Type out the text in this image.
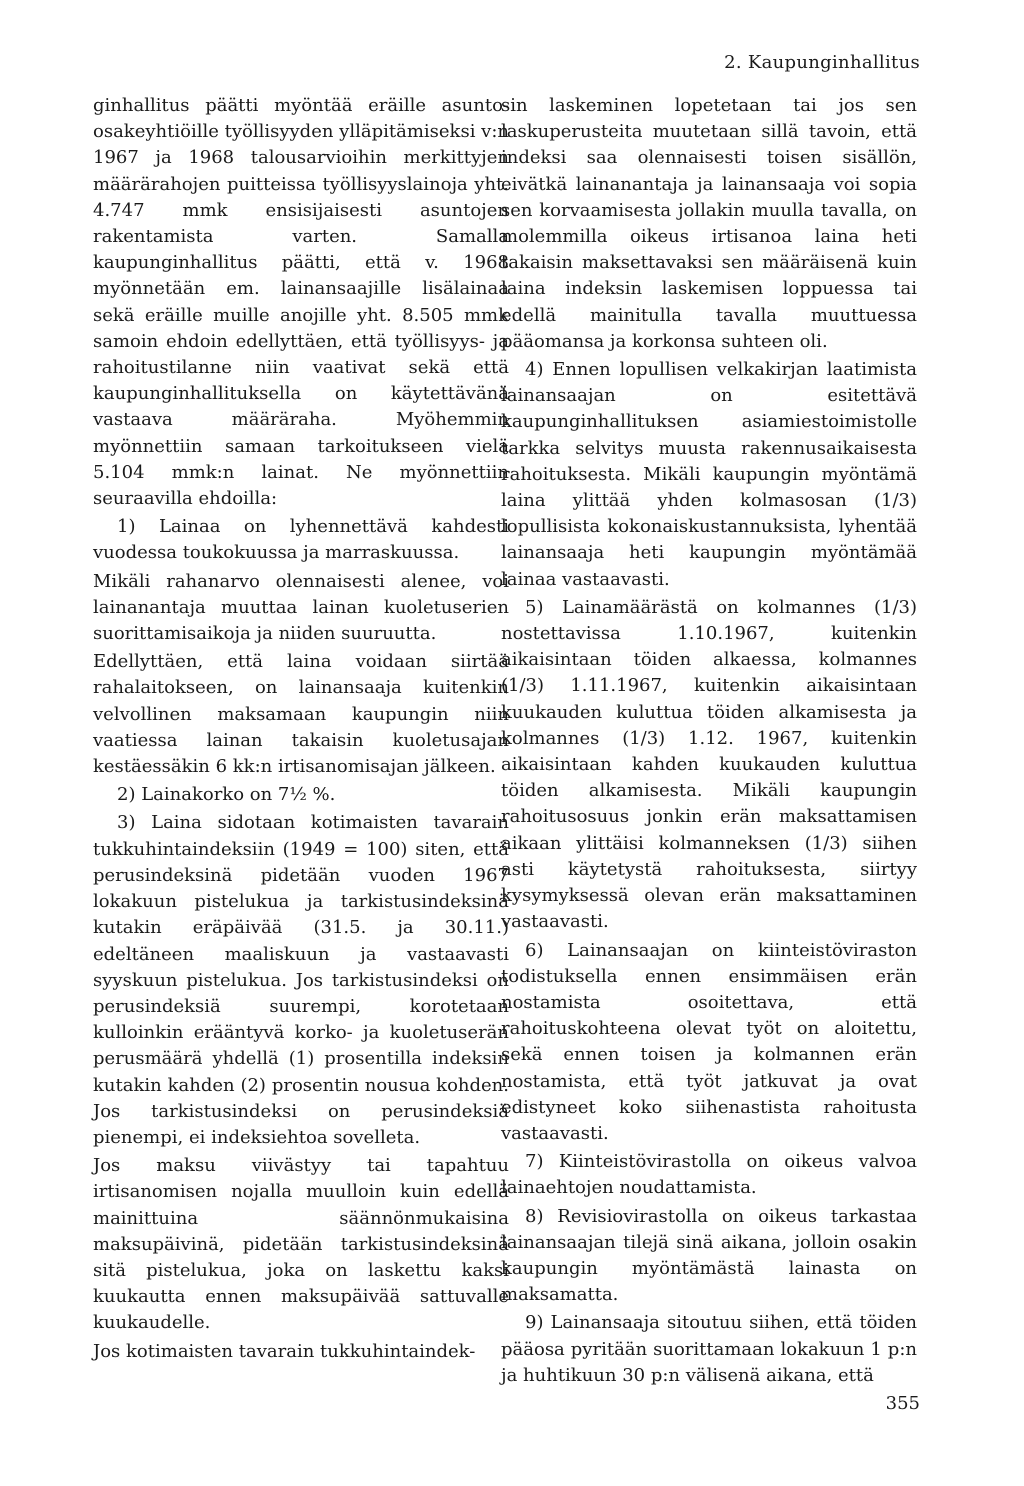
2. Kaupunginhallitus

ginhallitus päätti myöntää eräille asunto-osakeyhtiöille työllisyyden ylläpitämiseksi v:n 1967 ja 1968 talousarvioihin merkittyjen määrärahojen puitteissa työllisyyslainoja yht. 4.747 mmk ensisijaisesti asuntojen rakentamista varten. Samalla kaupunginhallitus päätti, että v. 1968 myönnetään em. lainansaajille lisälainaa sekä eräille muille anojille yht. 8.505 mmk samoin ehdoin edellyttäen, että työllisyys- ja rahoitustilanne niin vaativat sekä että kaupunginhallituksella on käytettävänä vastaava määräraha. Myöhemmin myönnettiin samaan tarkoitukseen vielä 5.104 mmk:n lainat. Ne myönnettiin seuraavilla ehdoilla:

1) Lainaa on lyhennettävä kahdesti vuodessa toukokuussa ja marraskuussa.

Mikäli rahanarvo olennaisesti alenee, voi lainanantaja muuttaa lainan kuoletuserien suorittamisaikoja ja niiden suuruutta.

Edellyttäen, että laina voidaan siirtää rahalaitokseen, on lainansaaja kuitenkin velvollinen maksamaan kaupungin niin vaatiessa lainan takaisin kuoletusajan kestäessäkin 6 kk:n irtisanomisajan jälkeen.

2) Lainakorko on 7½ %.

3) Laina sidotaan kotimaisten tavarain tukkuhintaindeksiin (1949 = 100) siten, että perusindeksinä pidetään vuoden 1967 lokakuun pistelukua ja tarkistusindeksinä kutakin eräpäivää (31.5. ja 30.11.) edeltäneen maaliskuun ja vastaavasti syyskuun pistelukua. Jos tarkistusindeksi on perusindeksiä suurempi, korotetaan kulloinkin erääntyvä korko- ja kuoletuserän perusmäärä yhdellä (1) prosentilla indeksin kutakin kahden (2) prosentin nousua kohden. Jos tarkistusindeksi on perusindeksiä pienempi, ei indeksiehtoa sovelleta.

Jos maksu viivästyy tai tapahtuu irtisanomisen nojalla muulloin kuin edellä mainittuina säännönmukaisina maksupäivinä, pidetään tarkistusindeksinä sitä pistelukua, joka on laskettu kaksi kuukautta ennen maksupäivää sattuvalle kuukaudelle.

Jos kotimaisten tavarain tukkuhintaindek-

sin laskeminen lopetetaan tai jos sen laskuperusteita muutetaan sillä tavoin, että indeksi saa olennaisesti toisen sisällön, eivätkä lainanantaja ja lainansaaja voi sopia sen korvaamisesta jollakin muulla tavalla, on molemmilla oikeus irtisanoa laina heti takaisin maksettavaksi sen määräisenä kuin laina indeksin laskemisen loppuessa tai edellä mainitulla tavalla muuttuessa pääomansa ja korkonsa suhteen oli.

4) Ennen lopullisen velkakirjan laatimista lainansaajan on esitettävä kaupunginhallituksen asiamiestoimistolle tarkka selvitys muusta rakennusaikaisesta rahoituksesta. Mikäli kaupungin myöntämä laina ylittää yhden kolmasosan (1/3) lopullisista kokonaiskustannuksista, lyhentää lainansaaja heti kaupungin myöntämää lainaa vastaavasti.

5) Lainamäärästä on kolmannes (1/3) nostettavissa 1.10.1967, kuitenkin aikaisintaan töiden alkaessa, kolmannes (1/3) 1.11.1967, kuitenkin aikaisintaan kuukauden kuluttua töiden alkamisesta ja kolmannes (1/3) 1.12. 1967, kuitenkin aikaisintaan kahden kuukauden kuluttua töiden alkamisesta. Mikäli kaupungin rahoitusosuus jonkin erän maksattamisen aikaan ylittäisi kolmanneksen (1/3) siihen asti käytetystä rahoituksesta, siirtyy kysymyksessä olevan erän maksattaminen vastaavasti.

6) Lainansaajan on kiinteistöviraston todistuksella ennen ensimmäisen erän nostamista osoitettava, että rahoituskohteena olevat työt on aloitettu, sekä ennen toisen ja kolmannen erän nostamista, että työt jatkuvat ja ovat edistyneet koko siihenastista rahoitusta vastaavasti.

7) Kiinteistövirastolla on oikeus valvoa lainaehtojen noudattamista.

8) Revisiovirastolla on oikeus tarkastaa lainansaajan tilejä sinä aikana, jolloin osakin kaupungin myöntämästä lainasta on maksamatta.

9) Lainansaaja sitoutuu siihen, että töiden pääosa pyritään suorittamaan lokakuun 1 p:n ja huhtikuun 30 p:n välisenä aikana, että

355
